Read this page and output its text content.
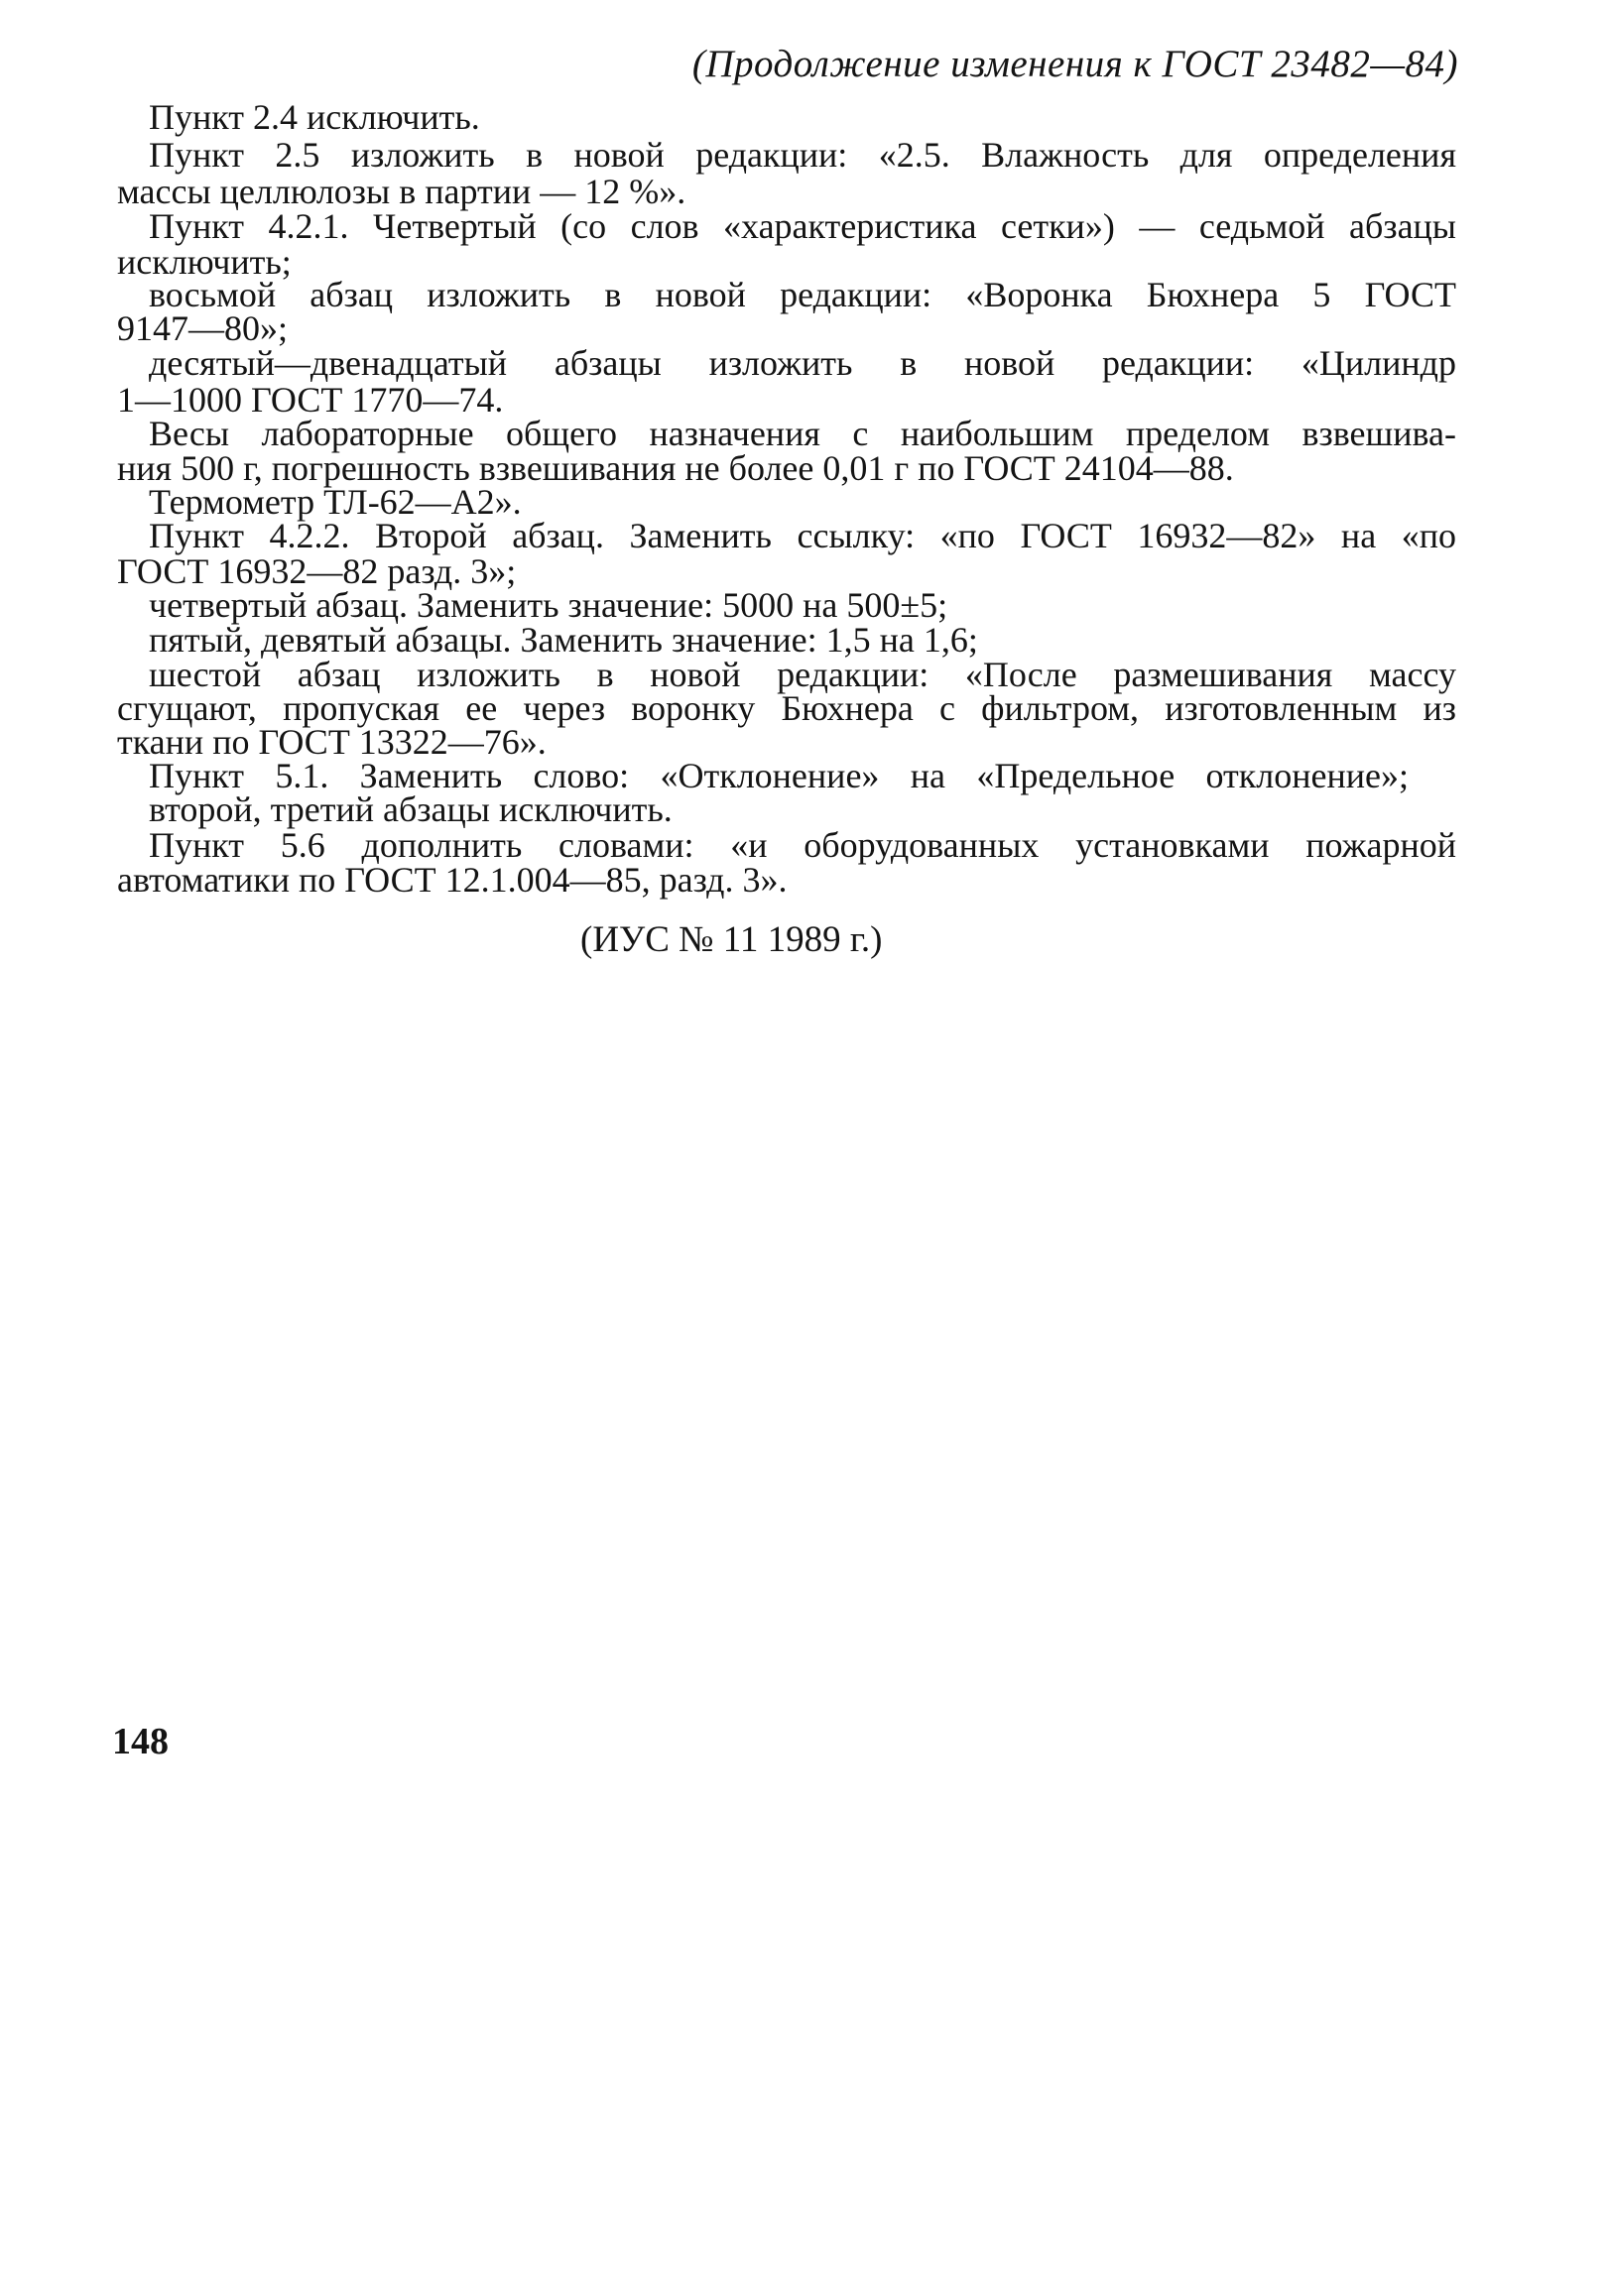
(Продолжение изменения к ГОСТ 23482—84)
Пункт 2.4 исключить.
Пункт 2.5 изложить в новой редакции: «2.5. Влажность для определения
массы целлюлозы в партии — 12 %».
Пункт 4.2.1. Четвертый (со слов «характеристика сетки») — седьмой абзацы
исключить;
восьмой абзац изложить в новой редакции: «Воронка Бюхнера 5 ГОСТ
9147—80»;
десятый—двенадцатый абзацы изложить в новой редакции: «Цилиндр
1—1000 ГОСТ 1770—74.
Весы лабораторные общего назначения с наибольшим пределом взвешива-
ния 500 г, погрешность взвешивания не более 0,01 г по ГОСТ 24104—88.
Термометр ТЛ-62—А2».
Пункт 4.2.2. Второй абзац. Заменить ссылку: «по ГОСТ 16932—82» на «по
ГОСТ 16932—82 разд. 3»;
четвертый абзац. Заменить значение: 5000 на 500±5;
пятый, девятый абзацы. Заменить значение: 1,5 на 1,6;
шестой абзац изложить в новой редакции: «После размешивания массу
сгущают, пропуская ее через воронку Бюхнера с фильтром, изготовленным из
ткани по ГОСТ 13322—76».
Пункт 5.1. Заменить слово: «Отклонение» на «Предельное отклонение»;
второй, третий абзацы исключить.
Пункт 5.6 дополнить словами: «и оборудованных установками пожарной
автоматики по ГОСТ 12.1.004—85, разд. 3».
(ИУС № 11 1989 г.)
148
